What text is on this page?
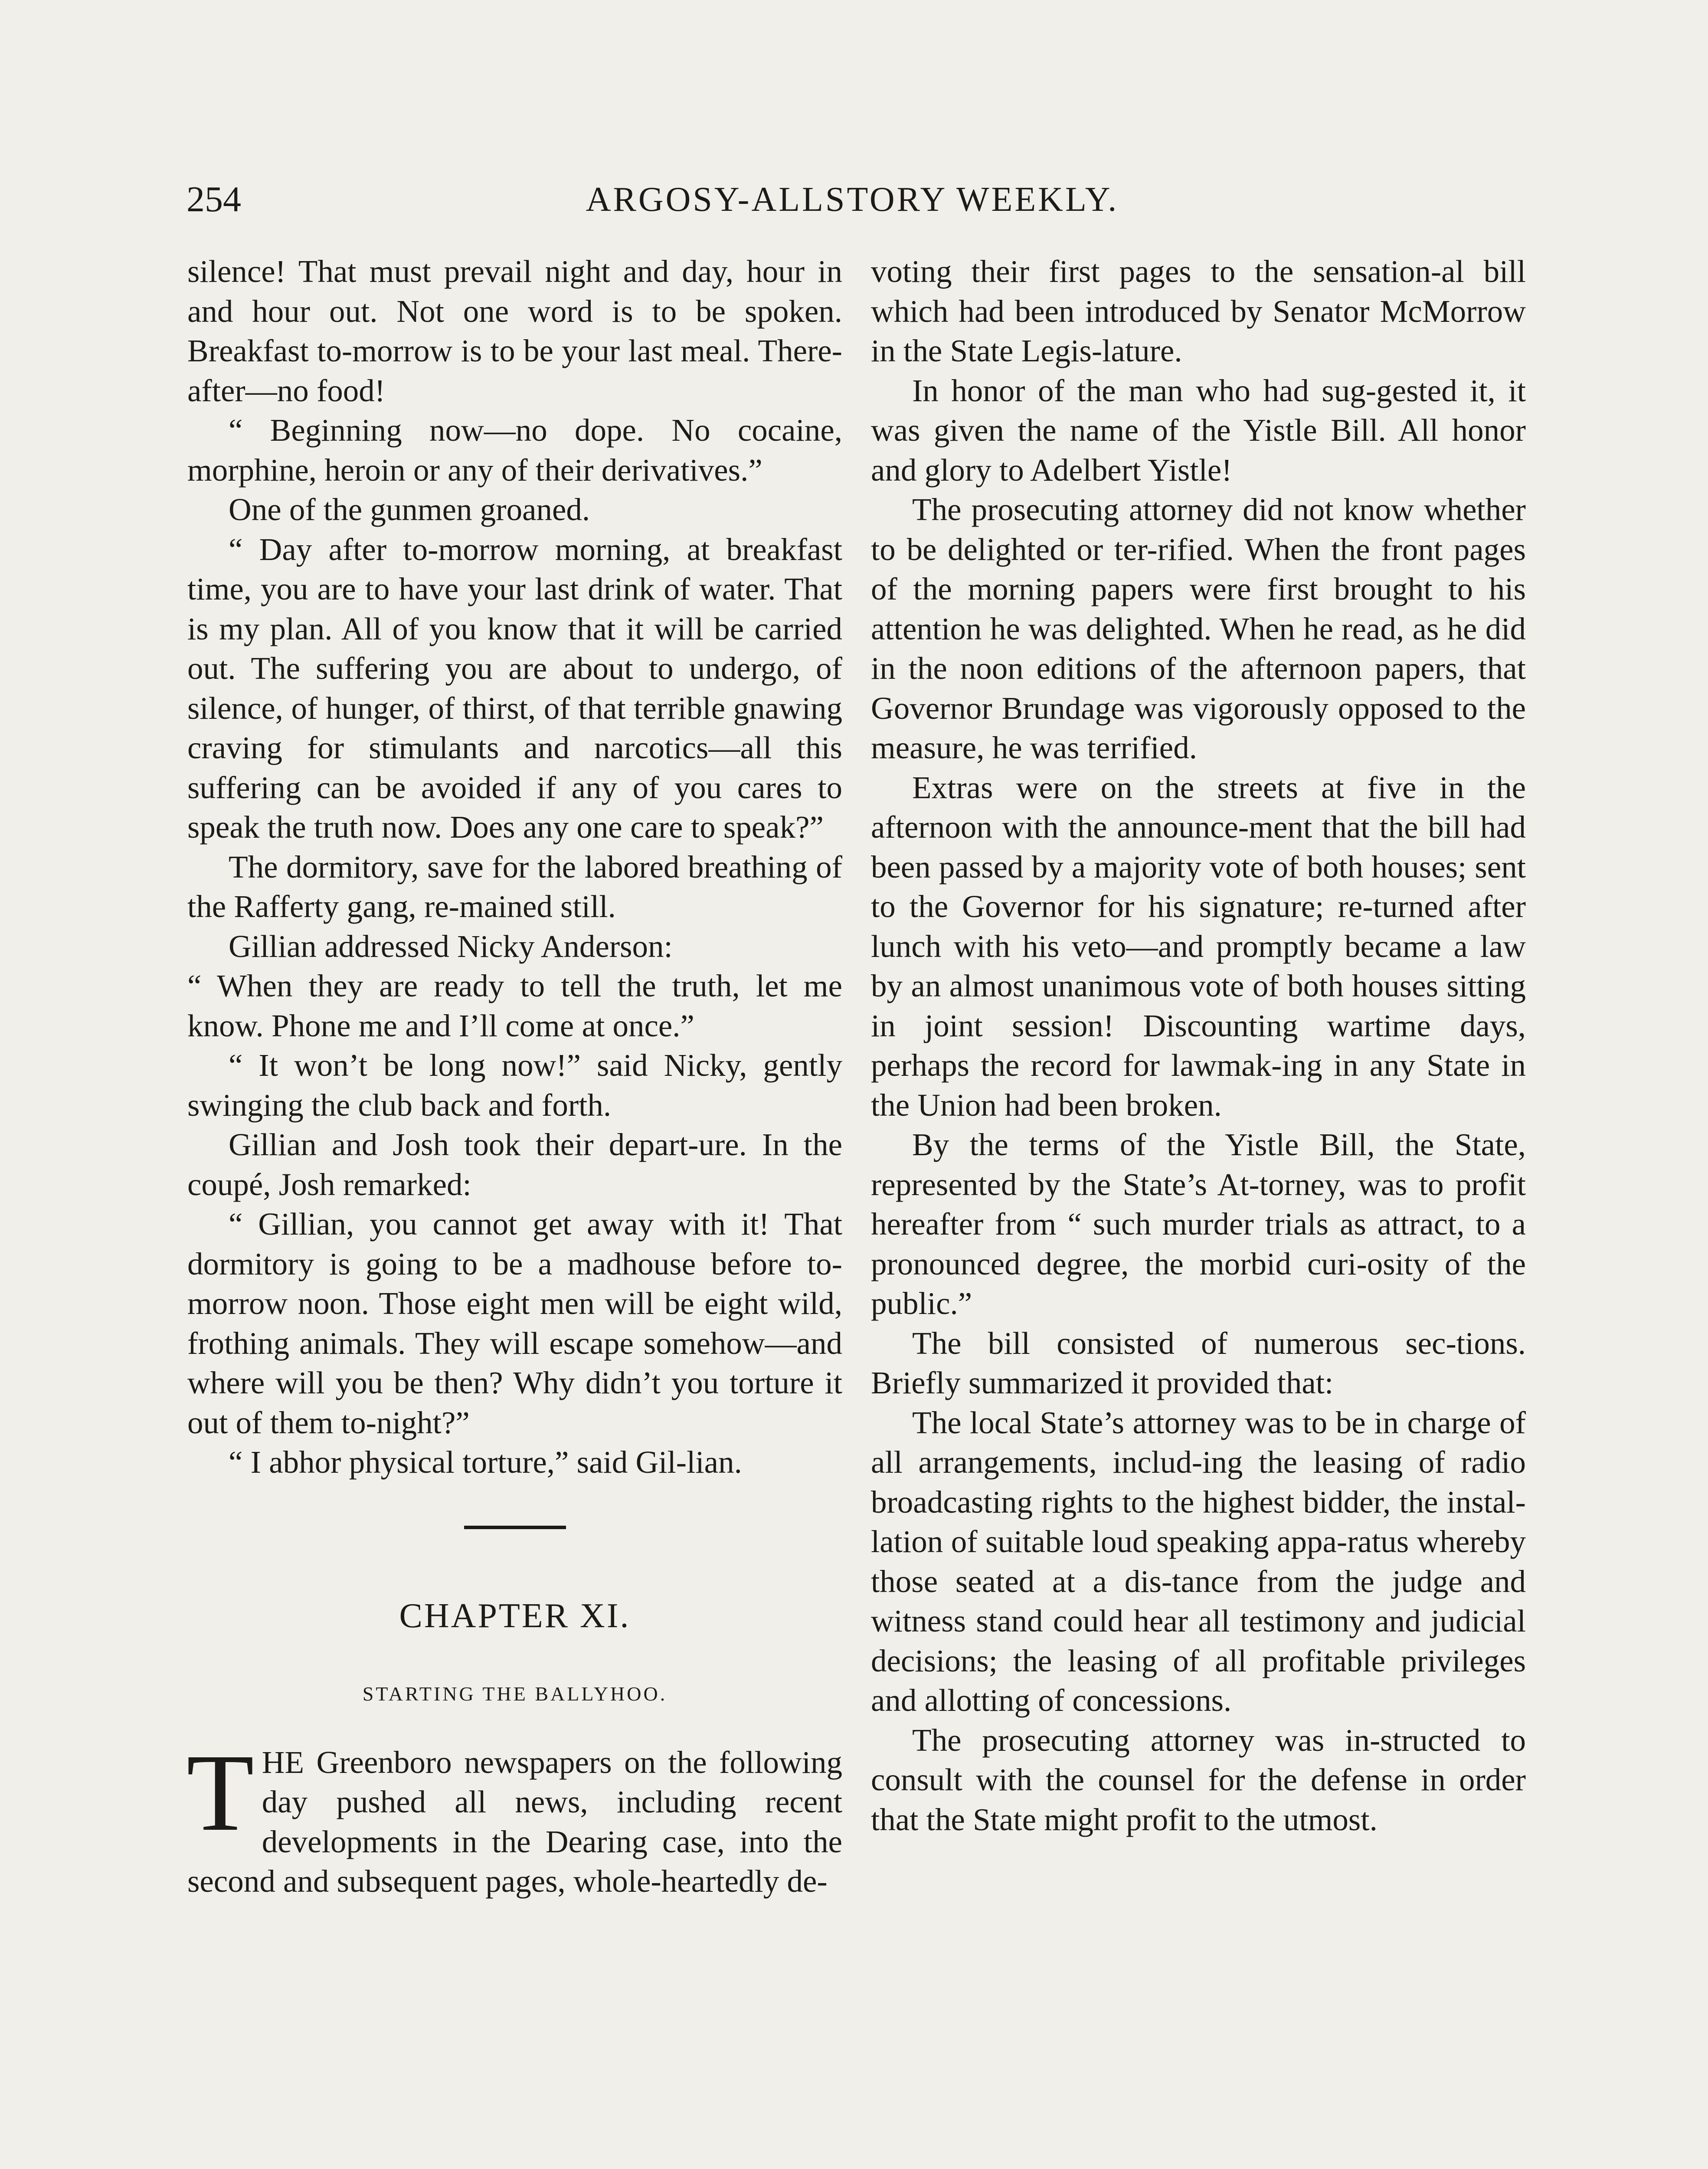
254	ARGOSY-ALLSTORY WEEKLY.

silence! That must prevail night and day, hour in and hour out. Not one word is to be spoken. Breakfast to-morrow is to be your last meal. There-after—no food!

“ Beginning now—no dope. No cocaine, morphine, heroin or any of their derivatives.”

One of the gunmen groaned.

“ Day after to-morrow morning, at breakfast time, you are to have your last drink of water. That is my plan. All of you know that it will be carried out. The suffering you are about to undergo, of silence, of hunger, of thirst, of that terrible gnawing craving for stimulants and narcotics—all this suffering can be avoided if any of you cares to speak the truth now. Does any one care to speak?”

The dormitory, save for the labored breathing of the Rafferty gang, re-mained still.

Gillian addressed Nicky Anderson:

“ When they are ready to tell the truth, let me know. Phone me and I’ll come at once.”

“ It won’t be long now!” said Nicky, gently swinging the club back and forth.

Gillian and Josh took their depart-ure. In the coupé, Josh remarked:

“ Gillian, you cannot get away with it! That dormitory is going to be a madhouse before to-morrow noon. Those eight men will be eight wild, frothing animals. They will escape somehow—and where will you be then? Why didn’t you torture it out of them to-night?”

“ I abhor physical torture,” said Gil-lian.

CHAPTER XI.
STARTING THE BALLYHOO.

THE Greenboro newspapers on the following day pushed all news, including recent developments in the Dearing case, into the second and subsequent pages, whole-heartedly de-

voting their first pages to the sensation-al bill which had been introduced by Senator McMorrow in the State Legis-lature.

In honor of the man who had sug-gested it, it was given the name of the Yistle Bill. All honor and glory to Adelbert Yistle!

The prosecuting attorney did not know whether to be delighted or ter-rified. When the front pages of the morning papers were first brought to his attention he was delighted. When he read, as he did in the noon editions of the afternoon papers, that Governor Brundage was vigorously opposed to the measure, he was terrified.

Extras were on the streets at five in the afternoon with the announce-ment that the bill had been passed by a majority vote of both houses; sent to the Governor for his signature; re-turned after lunch with his veto—and promptly became a law by an almost unanimous vote of both houses sitting in joint session! Discounting wartime days, perhaps the record for lawmak-ing in any State in the Union had been broken.

By the terms of the Yistle Bill, the State, represented by the State’s At-torney, was to profit hereafter from “ such murder trials as attract, to a pronounced degree, the morbid curi-osity of the public.”

The bill consisted of numerous sec-tions. Briefly summarized it provided that:

The local State’s attorney was to be in charge of all arrangements, includ-ing the leasing of radio broadcasting rights to the highest bidder, the instal-lation of suitable loud speaking appa-ratus whereby those seated at a dis-tance from the judge and witness stand could hear all testimony and judicial decisions; the leasing of all profitable privileges and allotting of concessions.

The prosecuting attorney was in-structed to consult with the counsel for the defense in order that the State might profit to the utmost.
